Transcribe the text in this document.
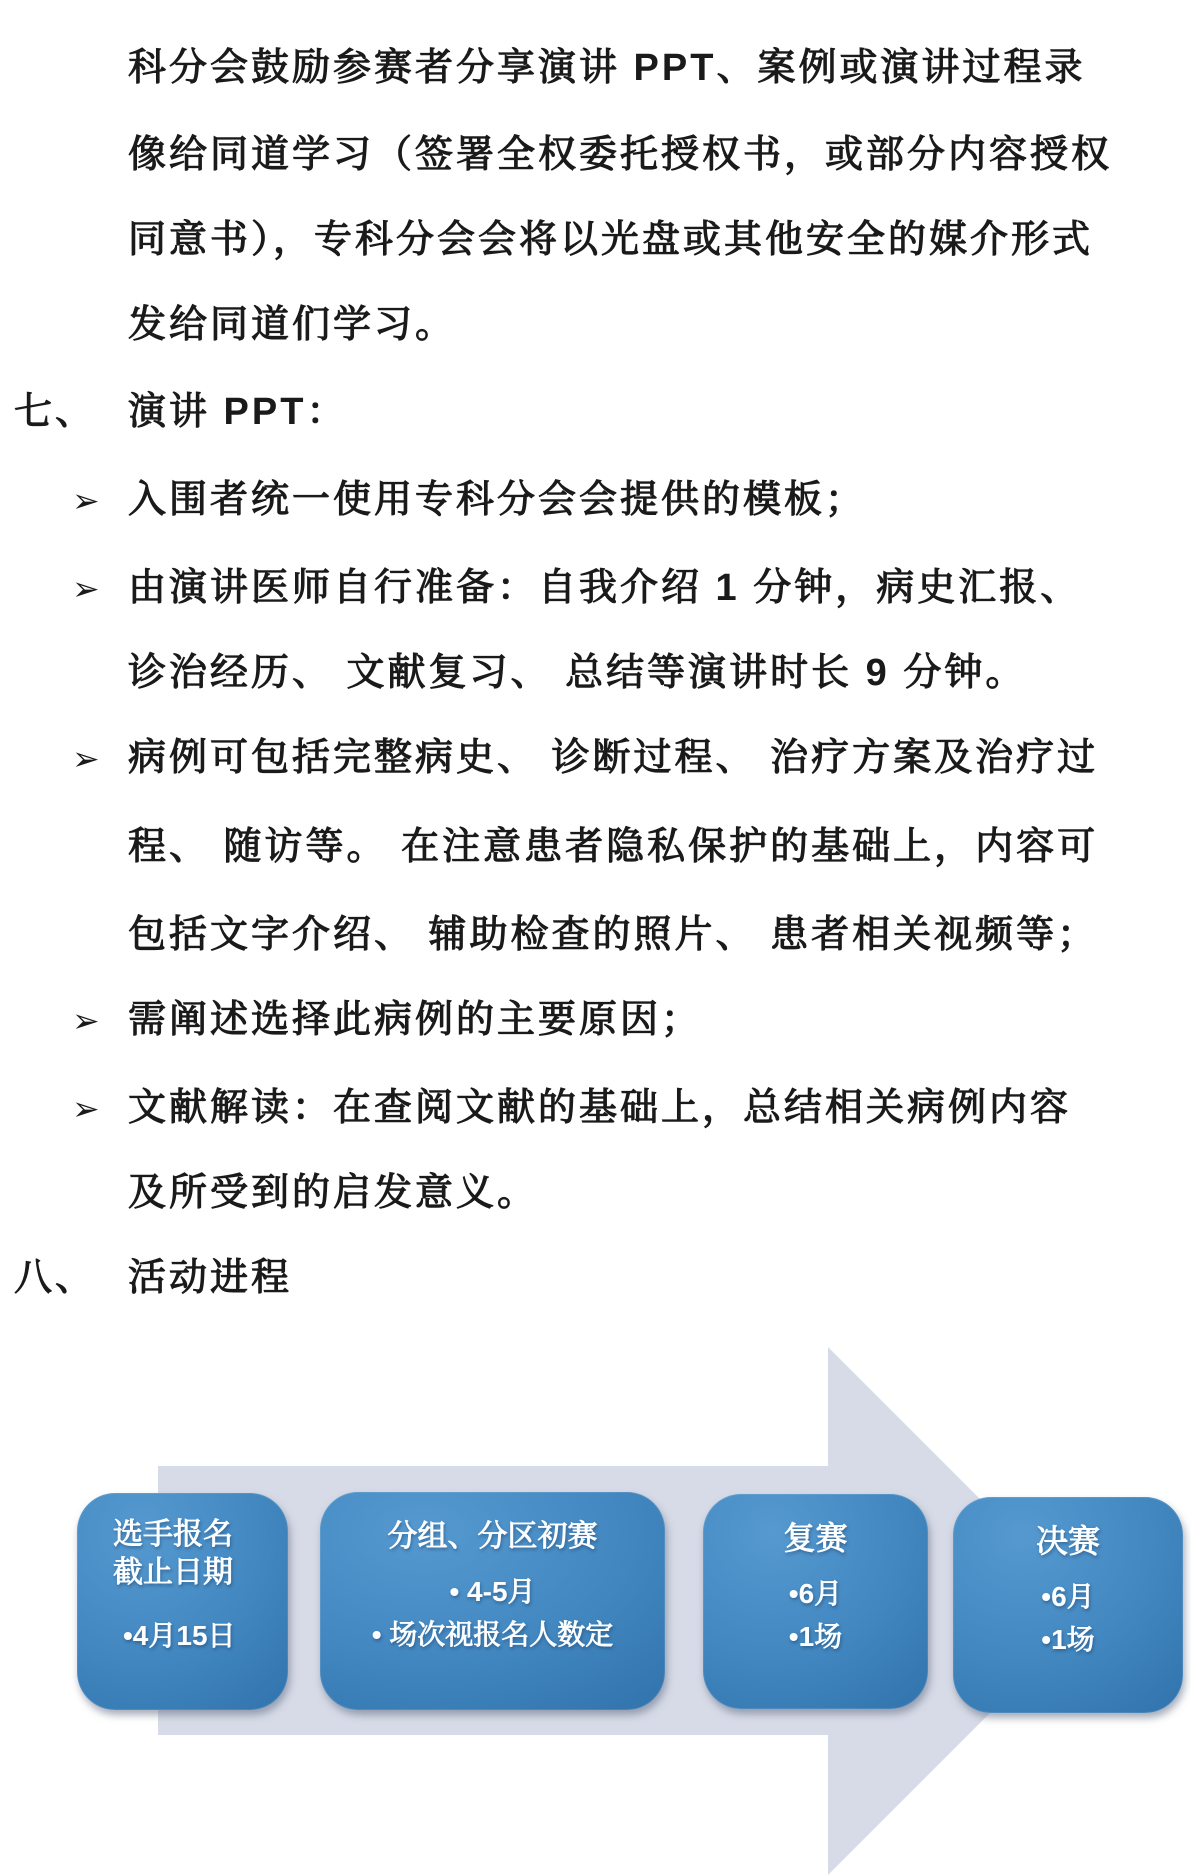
科分会鼓励参赛者分享演讲 PPT、案例或演讲过程录
像给同道学习（签署全权委托授权书，或部分内容授权
同意书），专科分会会将以光盘或其他安全的媒介形式
发给同道们学习。
七、 演讲 PPT：
➢ 入围者统一使用专科分会会提供的模板；
➢ 由演讲医师自行准备：自我介绍 1 分钟，病史汇报、
诊治经历、 文献复习、 总结等演讲时长 9 分钟。
➢ 病例可包括完整病史、 诊断过程、 治疗方案及治疗过
程、 随访等。 在注意患者隐私保护的基础上，内容可
包括文字介绍、 辅助检查的照片、 患者相关视频等；
➢ 需阐述选择此病例的主要原因；
➢ 文献解读：在查阅文献的基础上，总结相关病例内容
及所受到的启发意义。
八、 活动进程
选手报名
截止日期
•4月15日
分组、分区初赛
• 4-5月
• 场次视报名人数定
复赛
•6月
•1场
决赛
•6月
•1场
